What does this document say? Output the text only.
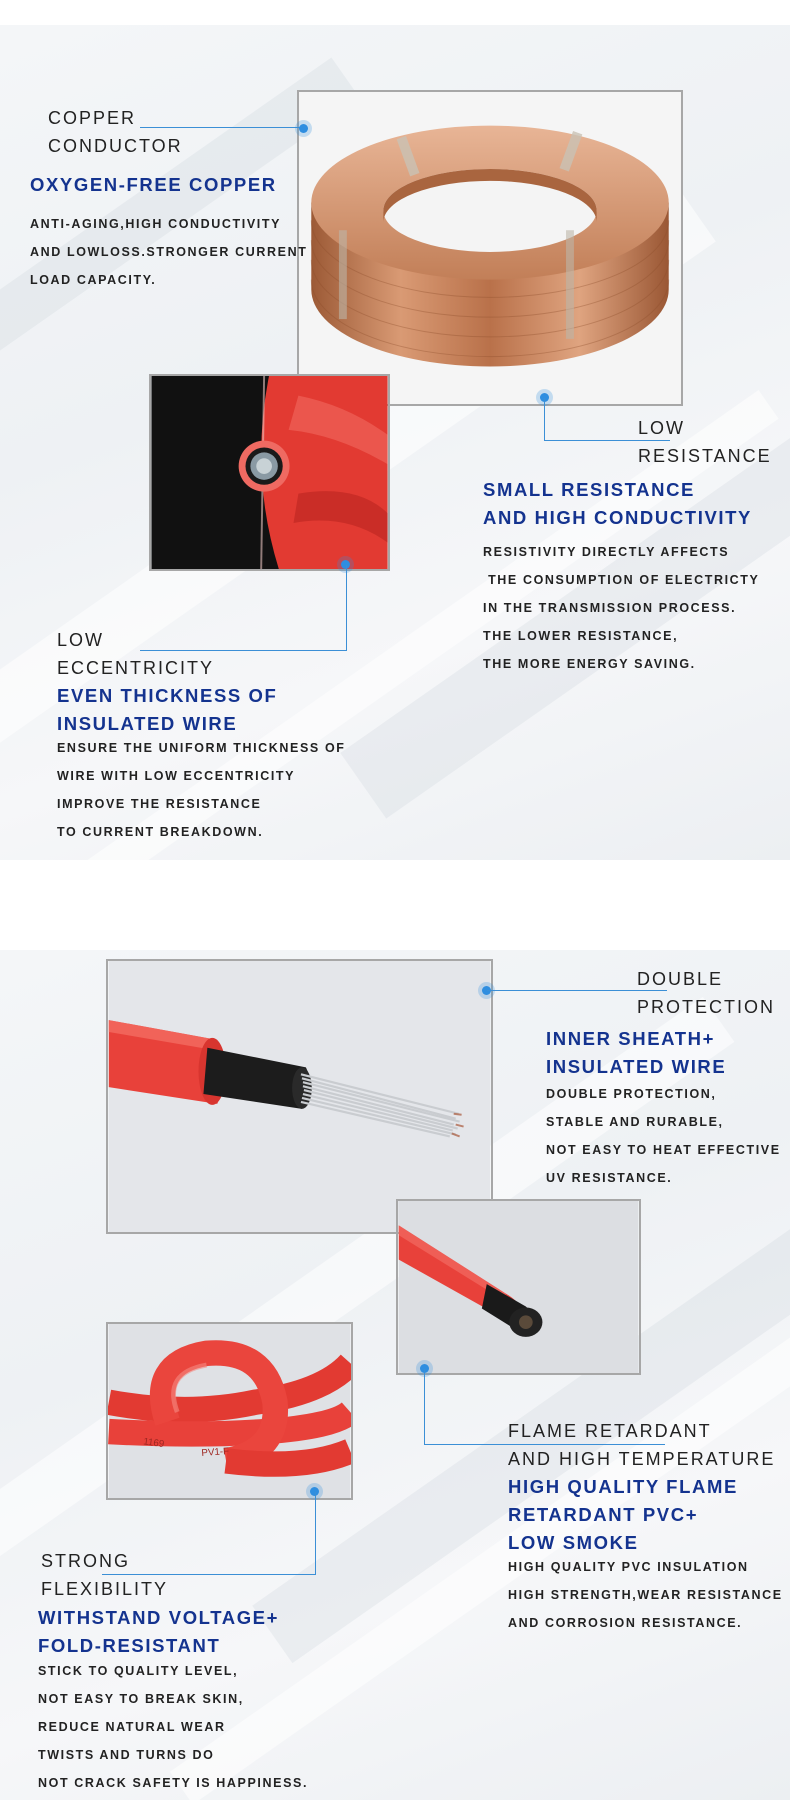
COPPER
CONDUCTOR

OXYGEN-FREE COPPER

ANTI-AGING,HIGH CONDUCTIVITY
AND LOWLOSS.STRONGER CURRENT
LOAD CAPACITY.

LOW
RESISTANCE

SMALL RESISTANCE
AND HIGH CONDUCTIVITY

RESISTIVITY DIRECTLY AFFECTS
THE CONSUMPTION OF ELECTRICTY
IN THE TRANSMISSION PROCESS.
THE LOWER RESISTANCE,
THE MORE ENERGY SAVING.

LOW
ECCENTRICITY

EVEN THICKNESS OF
INSULATED WIRE

ENSURE THE UNIFORM THICKNESS OF
WIRE WITH LOW ECCENTRICITY
IMPROVE THE RESISTANCE
TO CURRENT BREAKDOWN.

1169
PV1-F

DOUBLE
PROTECTION

INNER SHEATH+
INSULATED WIRE

DOUBLE PROTECTION,
STABLE AND RURABLE,
NOT EASY TO HEAT EFFECTIVE
UV RESISTANCE.

FLAME RETARDANT
AND HIGH TEMPERATURE

HIGH QUALITY FLAME
RETARDANT PVC+
LOW SMOKE

HIGH QUALITY PVC INSULATION
HIGH STRENGTH,WEAR RESISTANCE
AND CORROSION RESISTANCE.

STRONG
FLEXIBILITY

WITHSTAND VOLTAGE+
FOLD-RESISTANT

STICK TO QUALITY LEVEL,
NOT EASY TO BREAK SKIN,
REDUCE NATURAL WEAR
TWISTS AND TURNS DO
NOT CRACK SAFETY IS HAPPINESS.
